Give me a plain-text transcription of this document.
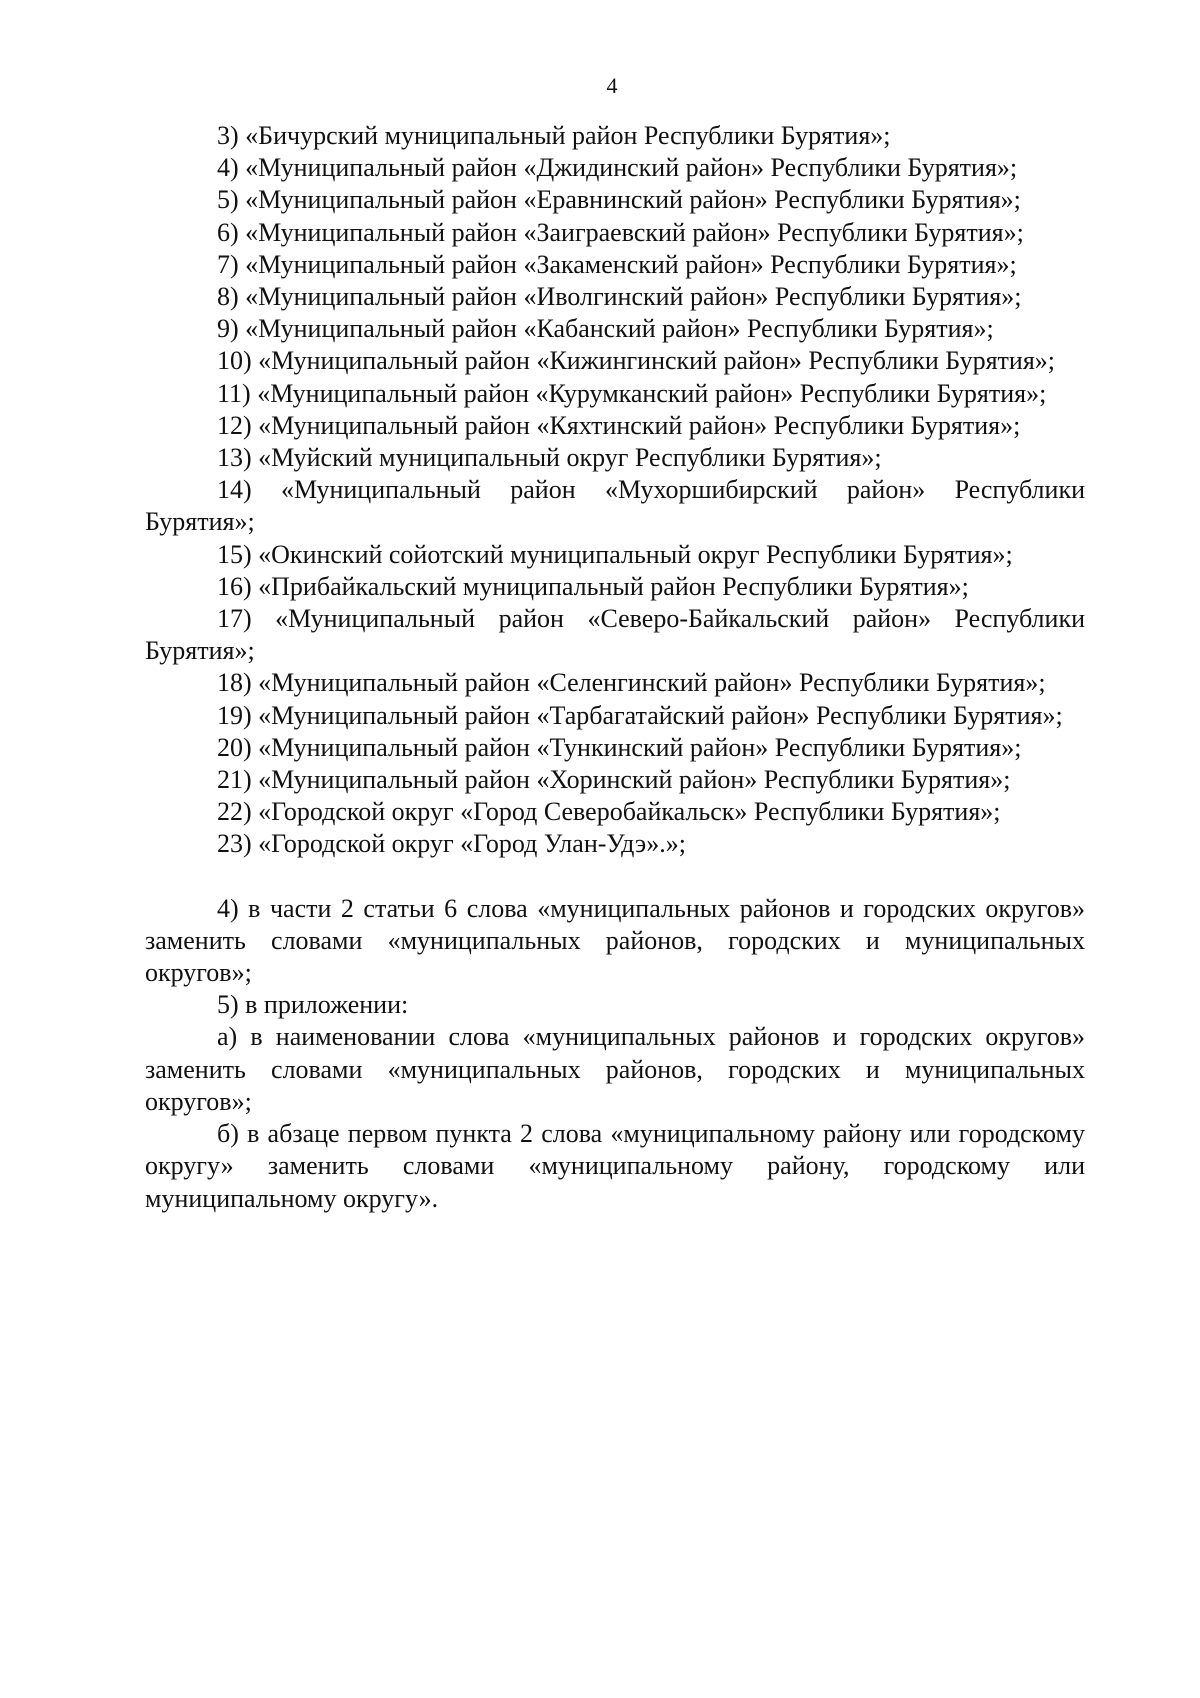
4

3) «Бичурский муниципальный район Республики Бурятия»;

4) «Муниципальный район «Джидинский район» Республики Бурятия»;

5) «Муниципальный район «Еравнинский район» Республики Бурятия»;

6) «Муниципальный район «Заиграевский район» Республики Бурятия»;

7) «Муниципальный район «Закаменский район» Республики Бурятия»;

8) «Муниципальный район «Иволгинский район» Республики Бурятия»;

9) «Муниципальный район «Кабанский район» Республики Бурятия»;

10) «Муниципальный район «Кижингинский район» Республики Бурятия»;

11) «Муниципальный район «Курумканский район» Республики Бурятия»;

12) «Муниципальный район «Кяхтинский район» Республики Бурятия»;

13) «Муйский муниципальный округ Республики Бурятия»;

14) «Муниципальный район «Мухоршибирский район» Республики Бурятия»;

15) «Окинский сойотский муниципальный округ Республики Бурятия»;

16) «Прибайкальский муниципальный район Республики Бурятия»;

17) «Муниципальный район «Северо-Байкальский район» Республики Бурятия»;

18) «Муниципальный район «Селенгинский район» Республики Бурятия»;

19) «Муниципальный район «Тарбагатайский район» Республики Бурятия»;

20) «Муниципальный район «Тункинский район» Республики Бурятия»;

21) «Муниципальный район «Хоринский район» Республики Бурятия»;

22) «Городской округ «Город Северобайкальск» Республики Бурятия»;

23) «Городской округ «Город Улан-Удэ».»;

4) в части 2 статьи 6 слова «муниципальных районов и городских округов» заменить словами «муниципальных районов, городских и муниципальных округов»;

5) в приложении:

а) в наименовании слова «муниципальных районов и городских округов» заменить словами «муниципальных районов, городских и муниципальных округов»;

б) в абзаце первом пункта 2 слова «муниципальному району или городскому округу» заменить словами «муниципальному району, городскому или муниципальному округу».
